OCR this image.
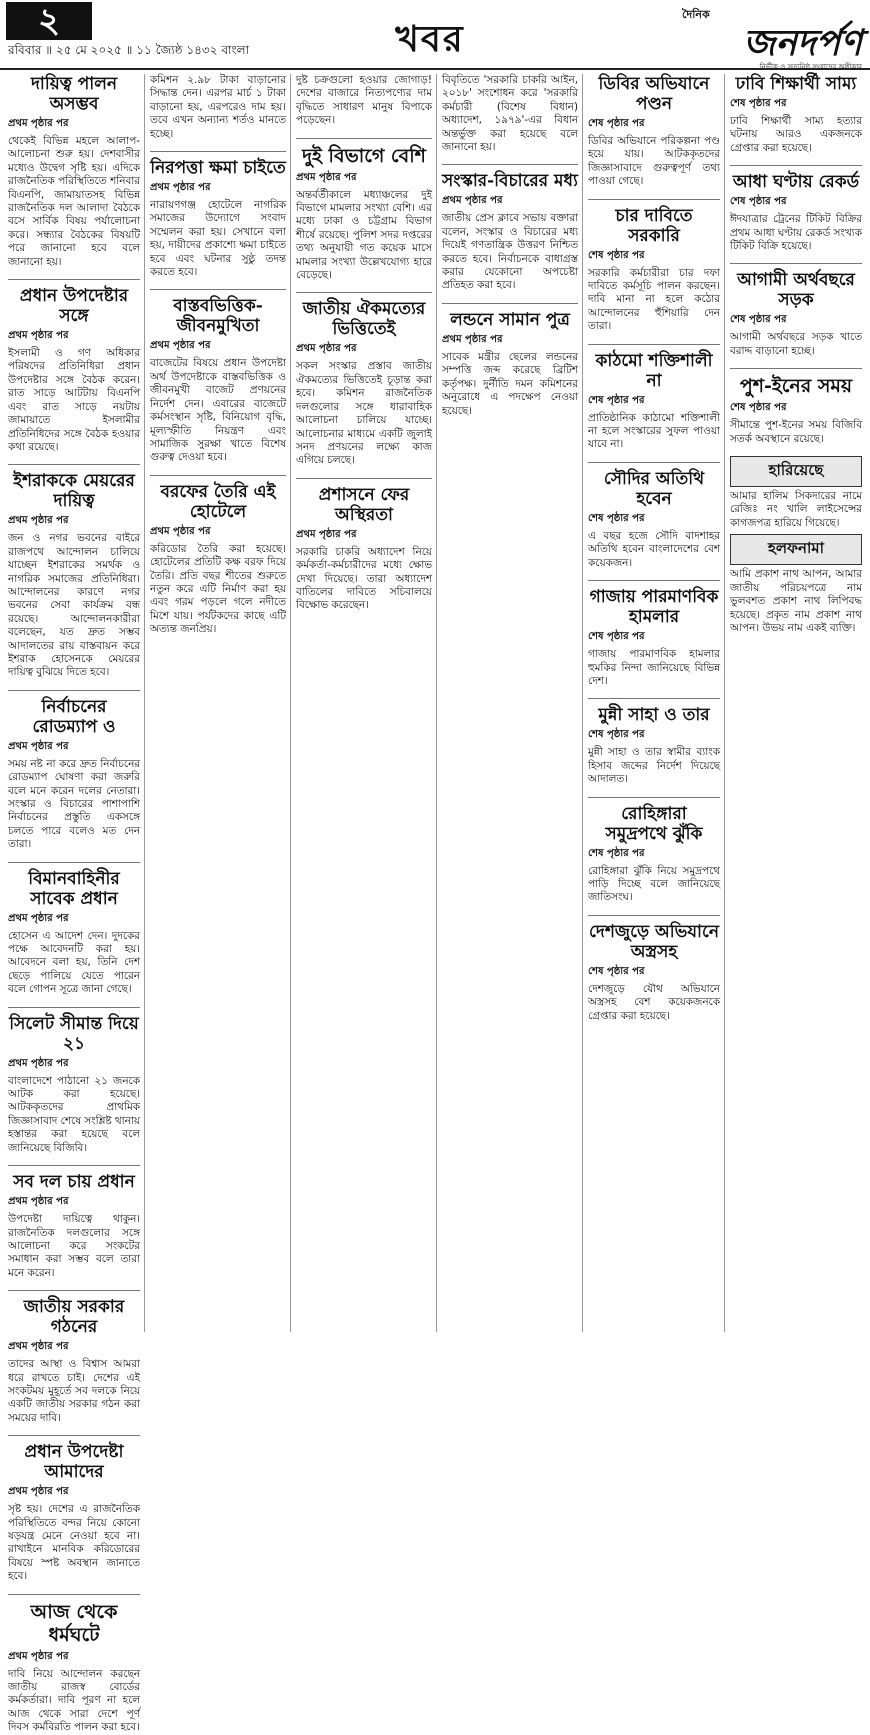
২
রবিবার ॥ ২৫ মে ২০২৫ ॥ ১১ জ্যৈষ্ঠ ১৪৩২ বাংলা	খবর
দৈনিক
জনদর্পণ
নির্ভীক ও সত্যনিষ্ঠ সংবাদের অঙ্গীকার
দায়িত্ব পালন অসম্ভব
প্রথম পৃষ্ঠার পর

থেকেই বিভিন্ন মহলে আলাপ-আলোচনা শুরু হয়। দেশবাসীর মধ্যেও উদ্বেগ সৃষ্টি হয়। এদিকে রাজনৈতিক পরিস্থিতিতে শনিবার বিএনপি, জামায়াতসহ বিভিন্ন রাজনৈতিক দল আলাদা বৈঠকে বসে সার্বিক বিষয় পর্যালোচনা করে। সন্ধ্যার বৈঠকের বিষয়টি পরে জানানো হবে বলে জানানো হয়।

প্রধান উপদেষ্টার সঙ্গে
প্রথম পৃষ্ঠার পর

ইসলামী ও গণ অধিকার পরিষদের প্রতিনিধিরা প্রধান উপদেষ্টার সঙ্গে বৈঠক করেন। রাত সাড়ে আটটায় বিএনপি এবং রাত সাড়ে নয়টায় জামায়াতে ইসলামীর প্রতিনিধিদের সঙ্গে বৈঠক হওয়ার কথা রয়েছে।

ইশরাককে মেয়রের দায়িত্ব
প্রথম পৃষ্ঠার পর

জন ও নগর ভবনের বাইরে রাজপথে আন্দোলন চালিয়ে যাচ্ছেন ইশরাকের সমর্থক ও নাগরিক সমাজের প্রতিনিধিরা। আন্দোলনের কারণে নগর ভবনের সেবা কার্যক্রম বন্ধ রয়েছে। আন্দোলনকারীরা বলেছেন, যত দ্রুত সম্ভব আদালতের রায় বাস্তবায়ন করে ইশরাক হোসেনকে মেয়রের দায়িত্ব বুঝিয়ে দিতে হবে।

নির্বাচনের রোডম্যাপ ও
প্রথম পৃষ্ঠার পর

সময় নষ্ট না করে দ্রুত নির্বাচনের রোডম্যাপ ঘোষণা করা জরুরি বলে মনে করেন দলের নেতারা। সংস্কার ও বিচারের পাশাপাশি নির্বাচনের প্রস্তুতি একসঙ্গে চলতে পারে বলেও মত দেন তারা।

বিমানবাহিনীর সাবেক প্রধান
প্রথম পৃষ্ঠার পর

হোসেন এ আদেশ দেন। দুদকের পক্ষে আবেদনটি করা হয়। আবেদনে বলা হয়, তিনি দেশ ছেড়ে পালিয়ে যেতে পারেন বলে গোপন সূত্রে জানা গেছে।

সিলেট সীমান্ত দিয়ে ২১
প্রথম পৃষ্ঠার পর

বাংলাদেশে পাঠানো ২১ জনকে আটক করা হয়েছে। আটককৃতদের প্রাথমিক জিজ্ঞাসাবাদ শেষে সংশ্লিষ্ট থানায় হস্তান্তর করা হয়েছে বলে জানিয়েছে বিজিবি।

সব দল চায় প্রধান
প্রথম পৃষ্ঠার পর

উপদেষ্টা দায়িত্বে থাকুন। রাজনৈতিক দলগুলোর সঙ্গে আলোচনা করে সংকটের সমাধান করা সম্ভব বলে তারা মনে করেন।

জাতীয় সরকার গঠনের
প্রথম পৃষ্ঠার পর

তাদের আস্থা ও বিশ্বাস আমরা ধরে রাখতে চাই। দেশের এই সংকটময় মুহূর্তে সব দলকে নিয়ে একটি জাতীয় সরকার গঠন করা সময়ের দাবি।

প্রধান উপদেষ্টা আমাদের
প্রথম পৃষ্ঠার পর

সৃষ্ট হয়। দেশের এ রাজনৈতিক পরিস্থিতিতে বন্দর নিয়ে কোনো ষড়যন্ত্র মেনে নেওয়া হবে না। রাখাইনে মানবিক করিডোরের বিষয়ে স্পষ্ট অবস্থান জানাতে হবে।

আজ থেকে ধর্মঘটে
প্রথম পৃষ্ঠার পর

দাবি নিয়ে আন্দোলন করছেন জাতীয় রাজস্ব বোর্ডের কর্মকর্তারা। দাবি পূরণ না হলে আজ থেকে সারা দেশে পূর্ণ দিবস কর্মবিরতি পালন করা হবে।

কমিশন ২.৯৮ টাকা বাড়ানোর সিদ্ধান্ত দেন। এরপর মার্চ ১ টাকা বাড়ানো হয়, এরপরেও দাম হয়। তবে এখন অন্যান্য শর্তও মানতে হচ্ছে।

নিরপত্তা ক্ষমা চাইতে
প্রথম পৃষ্ঠার পর

নারায়ণগঞ্জ হোটেলে নাগরিক সমাজের উদ্যোগে সংবাদ সম্মেলন করা হয়। সেখানে বলা হয়, দায়ীদের প্রকাশ্যে ক্ষমা চাইতে হবে এবং ঘটনার সুষ্ঠু তদন্ত করতে হবে।

বাস্তবভিত্তিক-জীবনমুখিতা
প্রথম পৃষ্ঠার পর

বাজেটের বিষয়ে প্রধান উপদেষ্টা অর্থ উপদেষ্টাকে বাস্তবভিত্তিক ও জীবনমুখী বাজেট প্রণয়নের নির্দেশ দেন। এবারের বাজেটে কর্মসংস্থান সৃষ্টি, বিনিয়োগ বৃদ্ধি, মূল্যস্ফীতি নিয়ন্ত্রণ এবং সামাজিক সুরক্ষা খাতে বিশেষ গুরুত্ব দেওয়া হবে।

বরফের তৈরি এই হোটেলে
প্রথম পৃষ্ঠার পর

করিডোর তৈরি করা হয়েছে। হোটেলের প্রতিটি কক্ষ বরফ দিয়ে তৈরি। প্রতি বছর শীতের শুরুতে নতুন করে এটি নির্মাণ করা হয় এবং গরম পড়লে গলে নদীতে মিশে যায়। পর্যটকদের কাছে এটি অত্যন্ত জনপ্রিয়।

দুষ্ট চক্রগুলো হওয়ার জোগাড়! দেশের বাজারে নিত্যপণ্যের দাম বৃদ্ধিতে সাধারণ মানুষ বিপাকে পড়েছেন।

দুই বিভাগে বেশি
প্রথম পৃষ্ঠার পর

অন্তর্বর্তীকালে মধ্যাঞ্চলের দুই বিভাগে মামলার সংখ্যা বেশি। এর মধ্যে ঢাকা ও চট্টগ্রাম বিভাগ শীর্ষে রয়েছে। পুলিশ সদর দপ্তরের তথ্য অনুযায়ী গত কয়েক মাসে মামলার সংখ্যা উল্লেখযোগ্য হারে বেড়েছে।

জাতীয় ঐকমত্যের ভিত্তিতেই
প্রথম পৃষ্ঠার পর

সকল সংস্কার প্রস্তাব জাতীয় ঐকমত্যের ভিত্তিতেই চূড়ান্ত করা হবে। কমিশন রাজনৈতিক দলগুলোর সঙ্গে ধারাবাহিক আলোচনা চালিয়ে যাচ্ছে। আলোচনার মাধ্যমে একটি জুলাই সনদ প্রণয়নের লক্ষ্যে কাজ এগিয়ে চলছে।

প্রশাসনে ফের অস্থিরতা
প্রথম পৃষ্ঠার পর

সরকারি চাকরি অধ্যাদেশ নিয়ে কর্মকর্তা-কর্মচারীদের মধ্যে ক্ষোভ দেখা দিয়েছে। তারা অধ্যাদেশ বাতিলের দাবিতে সচিবালয়ে বিক্ষোভ করেছেন।

বিবৃতিতে 'সরকারি চাকরি আইন, ২০১৮' সংশোধন করে 'সরকারি কর্মচারী (বিশেষ বিধান) অধ্যাদেশ, ১৯৭৯'-এর বিধান অন্তর্ভুক্ত করা হয়েছে বলে জানানো হয়।

সংস্কার-বিচারের মধ্য
প্রথম পৃষ্ঠার পর

জাতীয় প্রেস ক্লাবে সভায় বক্তারা বলেন, সংস্কার ও বিচারের মধ্য দিয়েই গণতান্ত্রিক উত্তরণ নিশ্চিত করতে হবে। নির্বাচনকে বাধাগ্রস্ত করার যেকোনো অপচেষ্টা প্রতিহত করা হবে।

লন্ডনে সামান পুত্র
প্রথম পৃষ্ঠার পর

সাবেক মন্ত্রীর ছেলের লন্ডনের সম্পত্তি জব্দ করেছে ব্রিটিশ কর্তৃপক্ষ। দুর্নীতি দমন কমিশনের অনুরোধে এ পদক্ষেপ নেওয়া হয়েছে।

ডিবির অভিযানে পণ্ডন
শেষ পৃষ্ঠার পর

ডিবির অভিযানে পরিকল্পনা পণ্ড হয়ে যায়। আটককৃতদের জিজ্ঞাসাবাদে গুরুত্বপূর্ণ তথ্য পাওয়া গেছে।

চার দাবিতে সরকারি
শেষ পৃষ্ঠার পর

সরকারি কর্মচারীরা চার দফা দাবিতে কর্মসূচি পালন করছেন। দাবি মানা না হলে কঠোর আন্দোলনের হুঁশিয়ারি দেন তারা।

কাঠমো শক্তিশালী না
শেষ পৃষ্ঠার পর

প্রাতিষ্ঠানিক কাঠামো শক্তিশালী না হলে সংস্কারের সুফল পাওয়া যাবে না।

সৌদির অতিথি হবেন
শেষ পৃষ্ঠার পর

এ বছর হজে সৌদি বাদশাহর অতিথি হবেন বাংলাদেশের বেশ কয়েকজন।

গাজায় পারমাণবিক হামলার
শেষ পৃষ্ঠার পর

গাজায় পারমাণবিক হামলার হুমকির নিন্দা জানিয়েছে বিভিন্ন দেশ।

মুন্নী সাহা ও তার
শেষ পৃষ্ঠার পর

মুন্নী সাহা ও তার স্বামীর ব্যাংক হিসাব জব্দের নির্দেশ দিয়েছে আদালত।

রোহিঙ্গারা সমুদ্রপথে ঝুঁকি
শেষ পৃষ্ঠার পর

রোহিঙ্গারা ঝুঁকি নিয়ে সমুদ্রপথে পাড়ি দিচ্ছে বলে জানিয়েছে জাতিসংঘ।

দেশজুড়ে অভিযানে অস্ত্রসহ
শেষ পৃষ্ঠার পর

দেশজুড়ে যৌথ অভিযানে অস্ত্রসহ বেশ কয়েকজনকে গ্রেপ্তার করা হয়েছে।

ঢাবি শিক্ষার্থী সাম্য
শেষ পৃষ্ঠার পর

ঢাবি শিক্ষার্থী সাম্য হত্যার ঘটনায় আরও একজনকে গ্রেপ্তার করা হয়েছে।

আধা ঘণ্টায় রেকর্ড
শেষ পৃষ্ঠার পর

ঈদযাত্রার ট্রেনের টিকিট বিক্রির প্রথম আধা ঘণ্টায় রেকর্ড সংখ্যক টিকিট বিক্রি হয়েছে।

আগামী অর্থবছরে সড়ক
শেষ পৃষ্ঠার পর

আগামী অর্থবছরে সড়ক খাতে বরাদ্দ বাড়ানো হচ্ছে।

পুশ-ইনের সময়
শেষ পৃষ্ঠার পর

সীমান্তে পুশ-ইনের সময় বিজিবি সতর্ক অবস্থানে রয়েছে।

হারিয়েছে

আমার হালিম সিকদারের নামে রেজিঃ নং খালি লাইসেন্সের কাগজপত্র হারিয়ে গিয়েছে।

হলফনামা

আমি প্রকাশ নাথ আপন, আমার জাতীয় পরিচয়পত্রে নাম ভুলবশত প্রকাশ নাথ লিপিবদ্ধ হয়েছে। প্রকৃত নাম প্রকাশ নাথ আপন। উভয় নাম একই ব্যক্তি।
